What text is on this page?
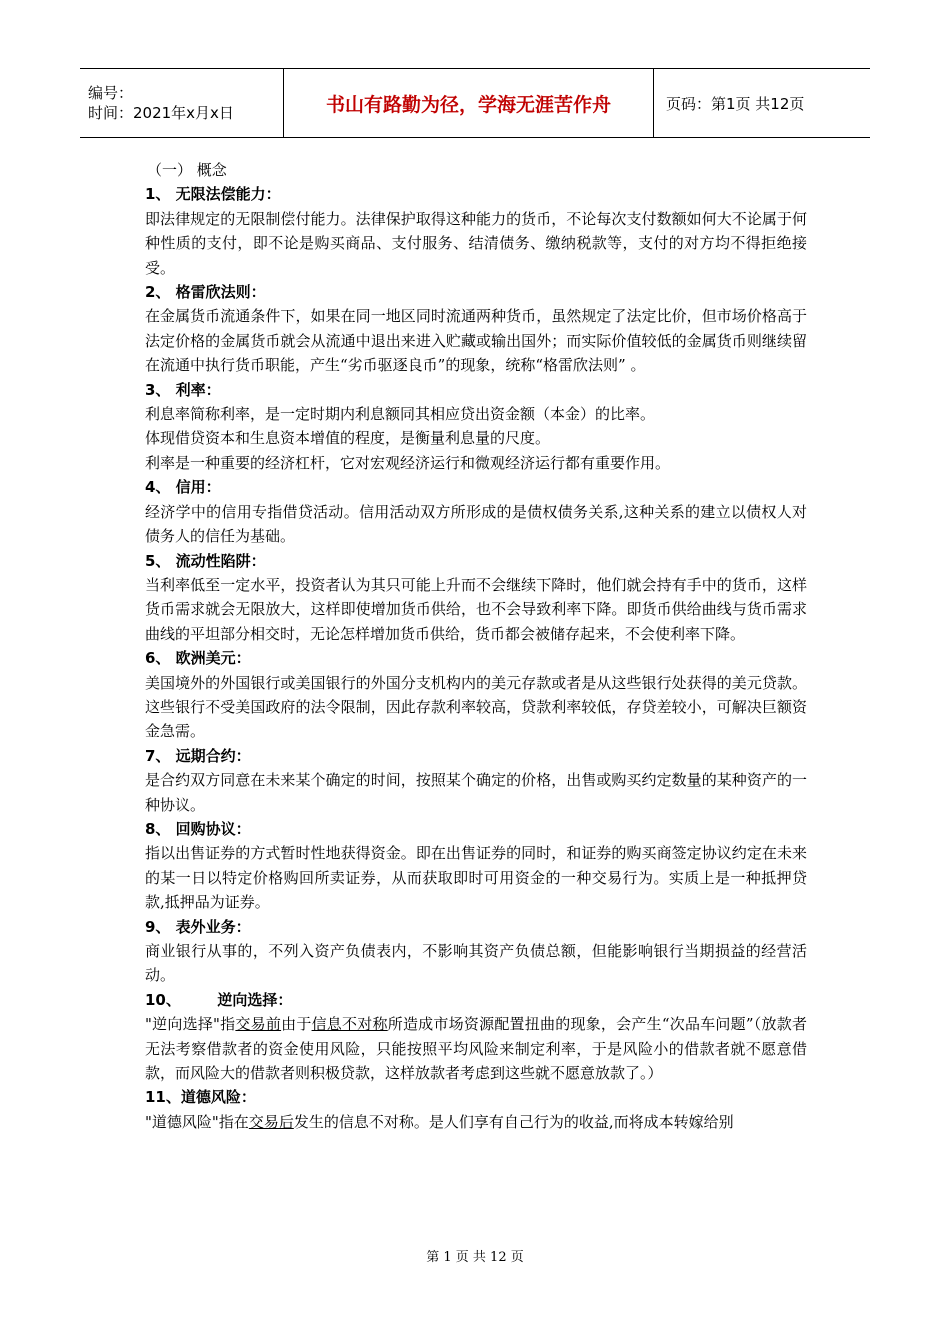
编号：
时间：2021年x月x日	书山有路勤为径，学海无涯苦作舟	页码：第1页 共12页

（一） 概念

1、 无限法偿能力：

即法律规定的无限制偿付能力。法律保护取得这种能力的货币，不论每次支付数额如何大不论属于何种性质的支付，即不论是购买商品、支付服务、结清债务、缴纳税款等，支付的对方均不得拒绝接受。

2、 格雷欣法则：

在金属货币流通条件下，如果在同一地区同时流通两种货币，虽然规定了法定比价，但市场价格高于法定价格的金属货币就会从流通中退出来进入贮藏或输出国外；而实际价值较低的金属货币则继续留在流通中执行货币职能，产生“劣币驱逐良币”的现象，统称“格雷欣法则” 。

3、 利率：

利息率简称利率，是一定时期内利息额同其相应贷出资金额（本金）的比率。

体现借贷资本和生息资本增值的程度，是衡量利息量的尺度。

利率是一种重要的经济杠杆，它对宏观经济运行和微观经济运行都有重要作用。

4、 信用：

经济学中的信用专指借贷活动。信用活动双方所形成的是债权债务关系,这种关系的建立以债权人对债务人的信任为基础。

5、 流动性陷阱：

当利率低至一定水平，投资者认为其只可能上升而不会继续下降时，他们就会持有手中的货币，这样货币需求就会无限放大，这样即使增加货币供给，也不会导致利率下降。即货币供给曲线与货币需求曲线的平坦部分相交时，无论怎样增加货币供给，货币都会被储存起来，不会使利率下降。

6、 欧洲美元：

美国境外的外国银行或美国银行的外国分支机构内的美元存款或者是从这些银行处获得的美元贷款。这些银行不受美国政府的法令限制，因此存款利率较高，贷款利率较低，存贷差较小，可解决巨额资金急需。

7、 远期合约：

是合约双方同意在未来某个确定的时间，按照某个确定的价格，出售或购买约定数量的某种资产的一种协议。

8、 回购协议：

指以出售证券的方式暂时性地获得资金。即在出售证券的同时，和证券的购买商签定协议约定在未来的某一日以特定价格购回所卖证券，从而获取即时可用资金的一种交易行为。实质上是一种抵押贷款,抵押品为证券。

9、 表外业务：

商业银行从事的，不列入资产负债表内，不影响其资产负债总额，但能影响银行当期损益的经营活动。

10、       逆向选择：

"逆向选择"指交易前由于信息不对称所造成市场资源配置扭曲的现象，会产生“次品车问题”（放款者无法考察借款者的资金使用风险，只能按照平均风险来制定利率，于是风险小的借款者就不愿意借款，而风险大的借款者则积极贷款，这样放款者考虑到这些就不愿意放款了。）

11、道德风险：

"道德风险"指在交易后发生的信息不对称。是人们享有自己行为的收益,而将成本转嫁给别

第 1 页 共 12 页
